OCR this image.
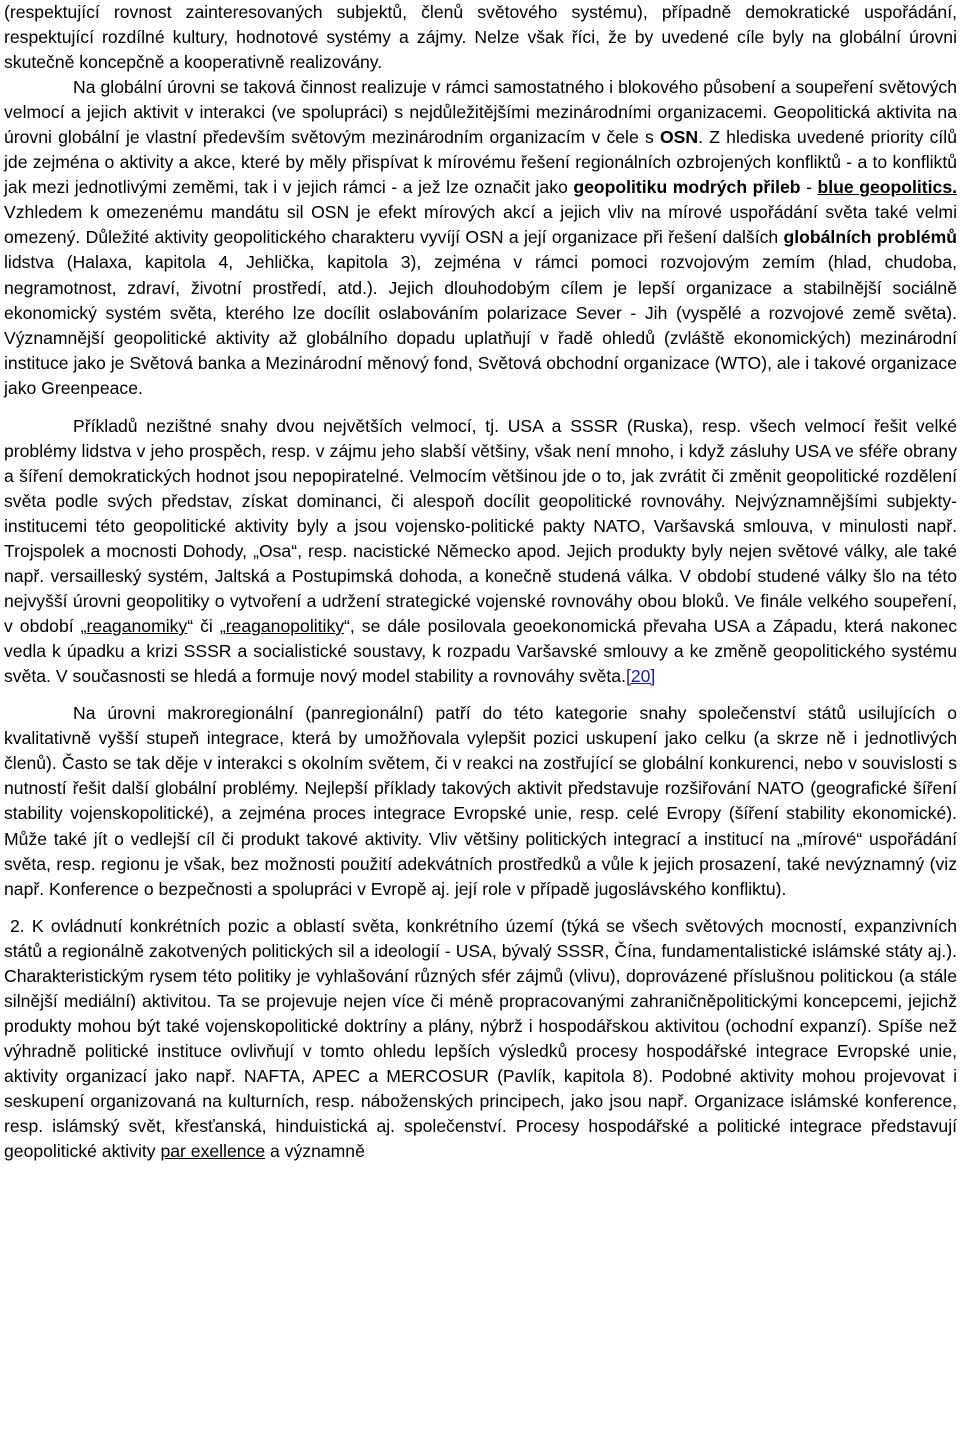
(respektující rovnost zainteresovaných subjektů, členů světového systému), případně demokratické uspořádání, respektující rozdílné kultury, hodnotové systémy a zájmy. Nelze však říci, že by uvedené cíle byly na globální úrovni skutečně koncepčně a kooperativně realizovány.

Na globální úrovni se taková činnost realizuje v rámci samostatného i blokového působení a soupeření světových velmocí a jejich aktivit v interakci (ve spolupráci) s nejdůležitějšími mezinárodními organizacemi. Geopolitická aktivita na úrovni globální je vlastní především světovým mezinárodním organizacím v čele s OSN. Z hlediska uvedené priority cílů jde zejména o aktivity a akce, které by měly přispívat k mírovému řešení regionálních ozbrojených konfliktů - a to konfliktů jak mezi jednotlivými zeměmi, tak i v jejich rámci - a jež lze označit jako geopolitiku modrých přileb - blue geopolitics. Vzhledem k omezenému mandátu sil OSN je efekt mírových akcí a jejich vliv na mírové uspořádání světa také velmi omezený. Důležité aktivity geopolitického charakteru vyvíjí OSN a její organizace při řešení dalších globálních problémů lidstva (Halaxa, kapitola 4, Jehlička, kapitola 3), zejména v rámci pomoci rozvojovým zemím (hlad, chudoba, negramotnost, zdraví, životní prostředí, atd.). Jejich dlouhodobým cílem je lepší organizace a stabilnější sociálně ekonomický systém světa, kterého lze docílit oslabováním polarizace Sever - Jih (vyspělé a rozvojové země světa). Významnější geopolitické aktivity až globálního dopadu uplatňují v řadě ohledů (zvláště ekonomických) mezinárodní instituce jako je Světová banka a Mezinárodní měnový fond, Světová obchodní organizace (WTO), ale i takové organizace jako Greenpeace.

Příkladů nezištné snahy dvou největších velmocí, tj. USA a SSSR (Ruska), resp. všech velmocí řešit velké problémy lidstva v jeho prospěch, resp. v zájmu jeho slabší většiny, však není mnoho, i když zásluhy USA ve sféře obrany a šíření demokratických hodnot jsou nepopiratelné. Velmocím většinou jde o to, jak zvrátit či změnit geopolitické rozdělení světa podle svých představ, získat dominanci, či alespoň docílit geopolitické rovnováhy. Nejvýznamnějšími subjekty-institucemi této geopolitické aktivity byly a jsou vojensko-politické pakty NATO, Varšavská smlouva, v minulosti např. Trojspolek a mocnosti Dohody, „Osa“, resp. nacistické Německo apod. Jejich produkty byly nejen světové války, ale také např. versailleský systém, Jaltská a Postupimská dohoda, a konečně studená válka. V období studené války šlo na této nejvyšší úrovni geopolitiky o vytvoření a udržení strategické vojenské rovnováhy obou bloků. Ve finále velkého soupeření, v období „reaganomiky“ či „reaganopolitiky“, se dále posilovala geoekonomická převaha USA a Západu, která nakonec vedla k úpadku a krizi SSSR a socialistické soustavy, k rozpadu Varšavské smlouvy a ke změně geopolitického systému světa. V současnosti se hledá a formuje nový model stability a rovnováhy světa.[20]

Na úrovni makroregionální (panregionální) patří do této kategorie snahy společenství států usilujících o kvalitativně vyšší stupeň integrace, která by umožňovala vylepšit pozici uskupení jako celku (a skrze ně i jednotlivých členů). Často se tak děje v interakci s okolním světem, či v reakci na zostřující se globální konkurenci, nebo v souvislosti s nutností řešit další globální problémy. Nejlepší příklady takových aktivit představuje rozšiřování NATO (geografické šíření stability vojenskopolitické), a zejména proces integrace Evropské unie, resp. celé Evropy (šíření stability ekonomické). Může také jít o vedlejší cíl či produkt takové aktivity. Vliv většiny politických integrací a institucí na „mírové“ uspořádání světa, resp. regionu je však, bez možnosti použití adekvátních prostředků a vůle k jejich prosazení, také nevýznamný (viz např. Konference o bezpečnosti a spolupráci v Evropě aj. její role v případě jugoslávského konfliktu).

2. K ovládnutí konkrétních pozic a oblastí světa, konkrétního území (týká se všech světových mocností, expanzivních států a regionálně zakotvených politických sil a ideologií - USA, bývalý SSSR, Čína, fundamentalistické islámské státy aj.). Charakteristickým rysem této politiky je vyhlašování různých sfér zájmů (vlivu), doprovázené příslušnou politickou (a stále silnější mediální) aktivitou. Ta se projevuje nejen více či méně propracovanými zahraničněpolitickými koncepcemi, jejichž produkty mohou být také vojenskopolitické doktríny a plány, nýbrž i hospodářskou aktivitou (ochodní expanzí). Spíše než výhradně politické instituce ovlivňují v tomto ohledu lepších výsledků procesy hospodářské integrace Evropské unie, aktivity organizací jako např. NAFTA, APEC a MERCOSUR (Pavlík, kapitola 8). Podobné aktivity mohou projevovat i seskupení organizovaná na kulturních, resp. náboženských principech, jako jsou např. Organizace islámské konference, resp. islámský svět, křesťanská, hinduistická aj. společenství. Procesy hospodářské a politické integrace představují geopolitické aktivity par exellence a významně
